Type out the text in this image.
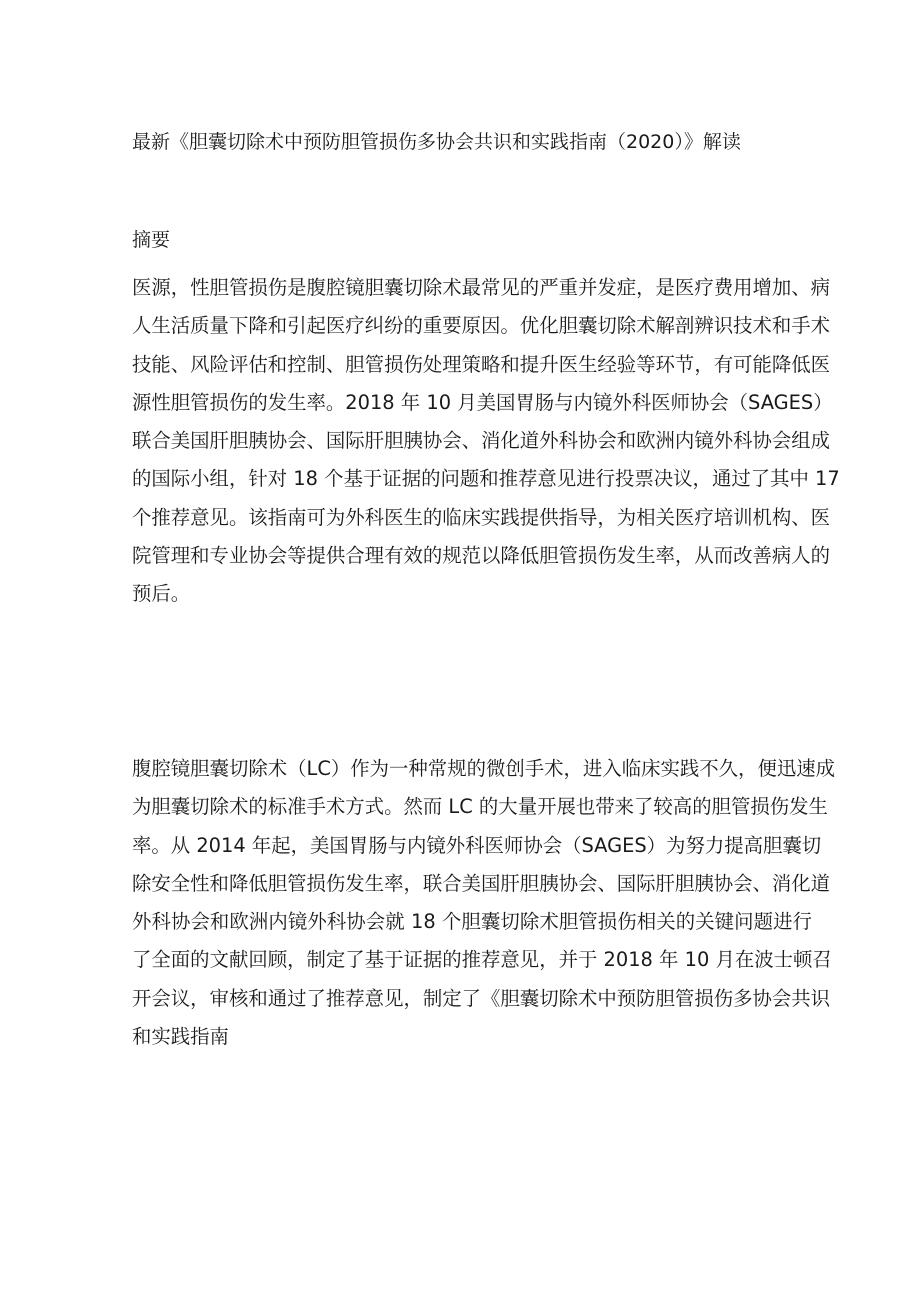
最新《胆囊切除术中预防胆管损伤多协会共识和实践指南（2020）》解读
摘要
医源，性胆管损伤是腹腔镜胆囊切除术最常见的严重并发症，是医疗费用增加、病
人生活质量下降和引起医疗纠纷的重要原因。优化胆囊切除术解剖辨识技术和手术
技能、风险评估和控制、胆管损伤处理策略和提升医生经验等环节，有可能降低医
源性胆管损伤的发生率。2018 年 10 月美国胃肠与内镜外科医师协会（SAGES）
联合美国肝胆胰协会、国际肝胆胰协会、消化道外科协会和欧洲内镜外科协会组成
的国际小组，针对 18 个基于证据的问题和推荐意见进行投票决议，通过了其中 17
个推荐意见。该指南可为外科医生的临床实践提供指导，为相关医疗培训机构、医
院管理和专业协会等提供合理有效的规范以降低胆管损伤发生率，从而改善病人的
预后。
腹腔镜胆囊切除术（LC）作为一种常规的微创手术，进入临床实践不久，便迅速成
为胆囊切除术的标准手术方式。然而 LC 的大量开展也带来了较高的胆管损伤发生
率。从 2014 年起，美国胃肠与内镜外科医师协会（SAGES）为努力提高胆囊切
除安全性和降低胆管损伤发生率，联合美国肝胆胰协会、国际肝胆胰协会、消化道
外科协会和欧洲内镜外科协会就 18 个胆囊切除术胆管损伤相关的关键问题进行
了全面的文献回顾，制定了基于证据的推荐意见，并于 2018 年 10 月在波士顿召
开会议，审核和通过了推荐意见，制定了《胆囊切除术中预防胆管损伤多协会共识
和实践指南
